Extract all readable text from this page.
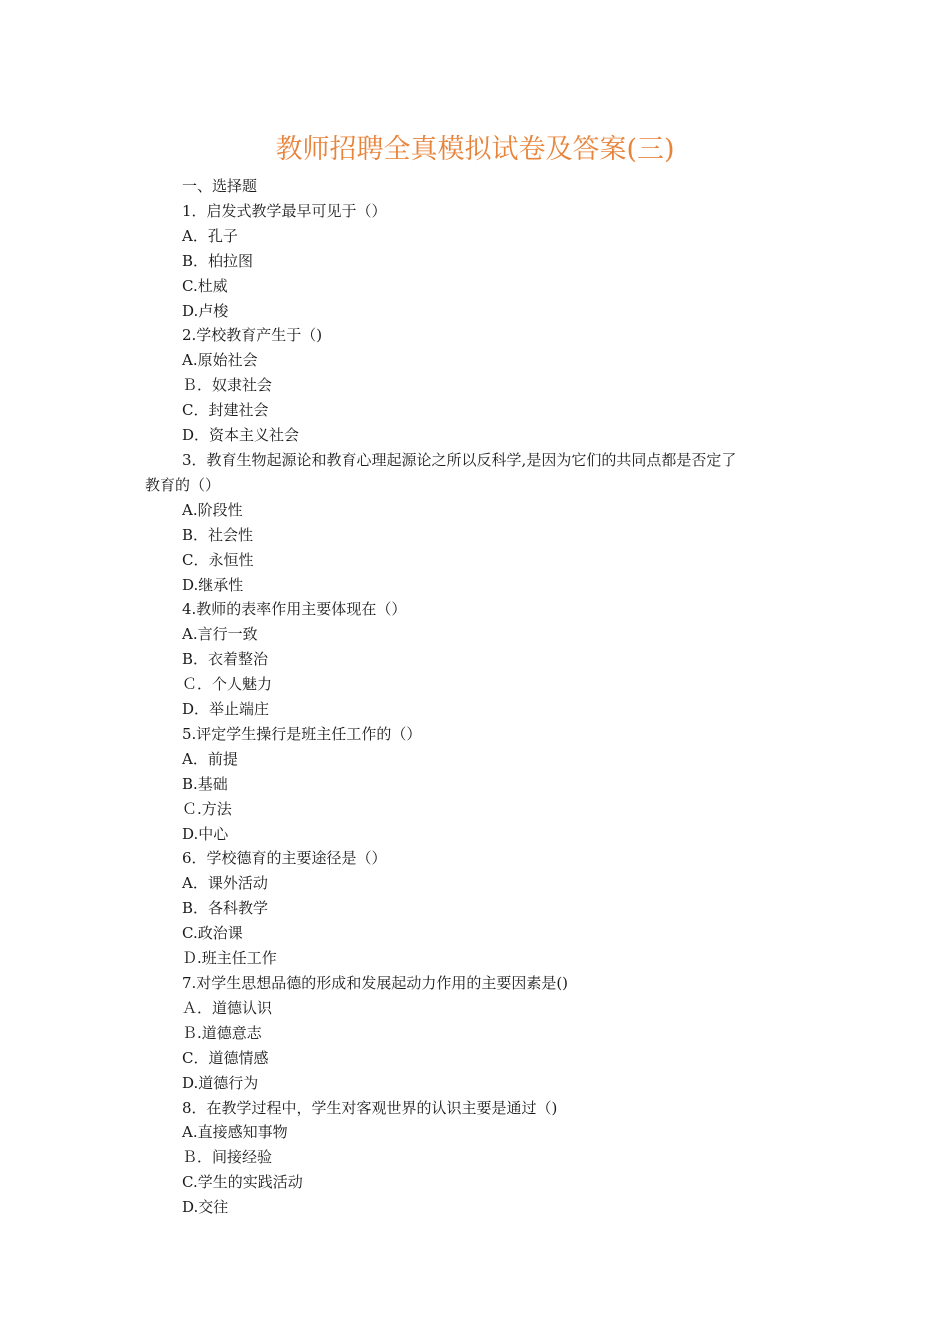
教师招聘全真模拟试卷及答案(三)
一、选择题
1．启发式教学最早可见于（）
A．孔子
B．柏拉图
C.杜威
D.卢梭
2.学校教育产生于（)
A.原始社会
Ｂ．奴隶社会
C．封建社会
D．资本主义社会
3．教育生物起源论和教育心理起源论之所以反科学,是因为它们的共同点都是否定了
教育的（）
A.阶段性
B．社会性
C．永恒性
D.继承性
4.教师的表率作用主要体现在（）
A.言行一致
B．衣着整治
Ｃ．个人魅力
D．举止端庄
5.评定学生操行是班主任工作的（）
A．前提
B.基础
Ｃ.方法
D.中心
6．学校德育的主要途径是（）
A．课外活动
B．各科教学
C.政治课
Ｄ.班主任工作
7.对学生思想品德的形成和发展起动力作用的主要因素是()
Ａ．道德认识
Ｂ.道德意志
C．道德情感
D.道德行为
8．在教学过程中，学生对客观世界的认识主要是通过（)
A.直接感知事物
Ｂ．间接经验
C.学生的实践活动
D.交往
